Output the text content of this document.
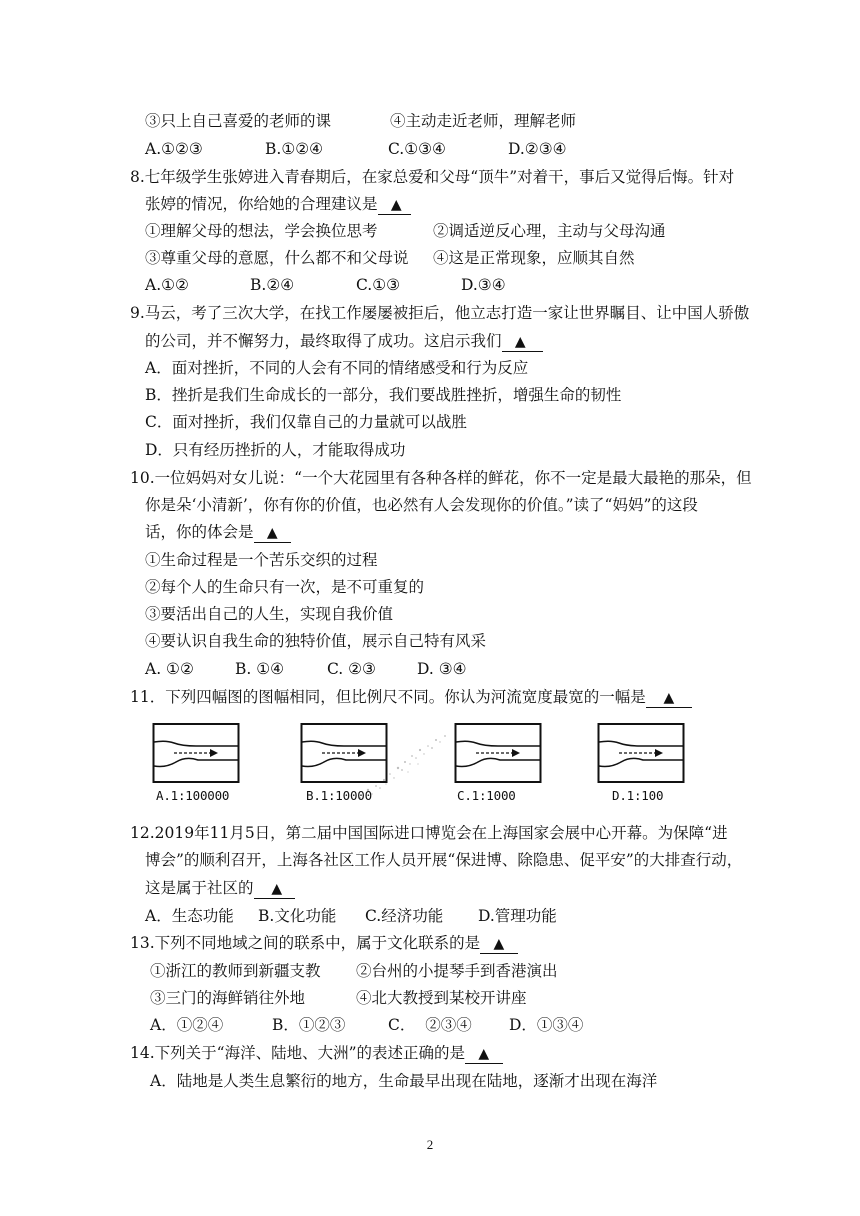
③只上自己喜爱的老师的课	④主动走近老师，理解老师
A.①②③	B.①②④	C.①③④	D.②③④
8.七年级学生张婷进入青春期后，在家总爱和父母“顶牛”对着干，事后又觉得后悔。针对
张婷的情况，你给她的合理建议是 ▲
①理解父母的想法，学会换位思考	②调适逆反心理，主动与父母沟通
③尊重父母的意愿，什么都不和父母说 ④这是正常现象，应顺其自然
A.①②	B.②④	C.①③	D.③④
9.马云，考了三次大学，在找工作屡屡被拒后，他立志打造一家让世界瞩目、让中国人骄傲
的公司，并不懈努力，最终取得了成功。这启示我们 ▲
A．面对挫折，不同的人会有不同的情绪感受和行为反应
B．挫折是我们生命成长的一部分，我们要战胜挫折，增强生命的韧性
C．面对挫折，我们仅靠自己的力量就可以战胜
D．只有经历挫折的人，才能取得成功
10.一位妈妈对女儿说：“一个大花园里有各种各样的鲜花，你不一定是最大最艳的那朵，但
你是朵‘小清新’，你有你的价值，也必然有人会发现你的价值。”读了“妈妈”的这段
话，你的体会是 ▲
①生命过程是一个苦乐交织的过程
②每个人的生命只有一次，是不可重复的
③要活出自己的人生，实现自我价值
④要认识自我生命的独特价值，展示自己特有风采
A. ①②	B. ①④	C. ②③	D. ③④
11．下列四幅图的图幅相同，但比例尺不同。你认为河流宽度最宽的一幅是 ▲
A.1:100000	B.1:10000	C.1:1000	D.1:100
12.2019年11月5日，第二届中国国际进口博览会在上海国家会展中心开幕。为保障“进
博会”的顺利召开，上海各社区工作人员开展“保进博、除隐患、促平安”的大排查行动，
这是属于社区的 ▲
A．生态功能 B.文化功能 C.经济功能 D.管理功能
13.下列不同地域之间的联系中，属于文化联系的是 ▲
①浙江的教师到新疆支教 ②台州的小提琴手到香港演出
③三门的海鲜销往外地	④北大教授到某校开讲座
A．①②④	B．①②③	C．  ②③④ D．①③④
14.下列关于“海洋、陆地、大洲”的表述正确的是 ▲
A．陆地是人类生息繁衍的地方，生命最早出现在陆地，逐渐才出现在海洋
2
